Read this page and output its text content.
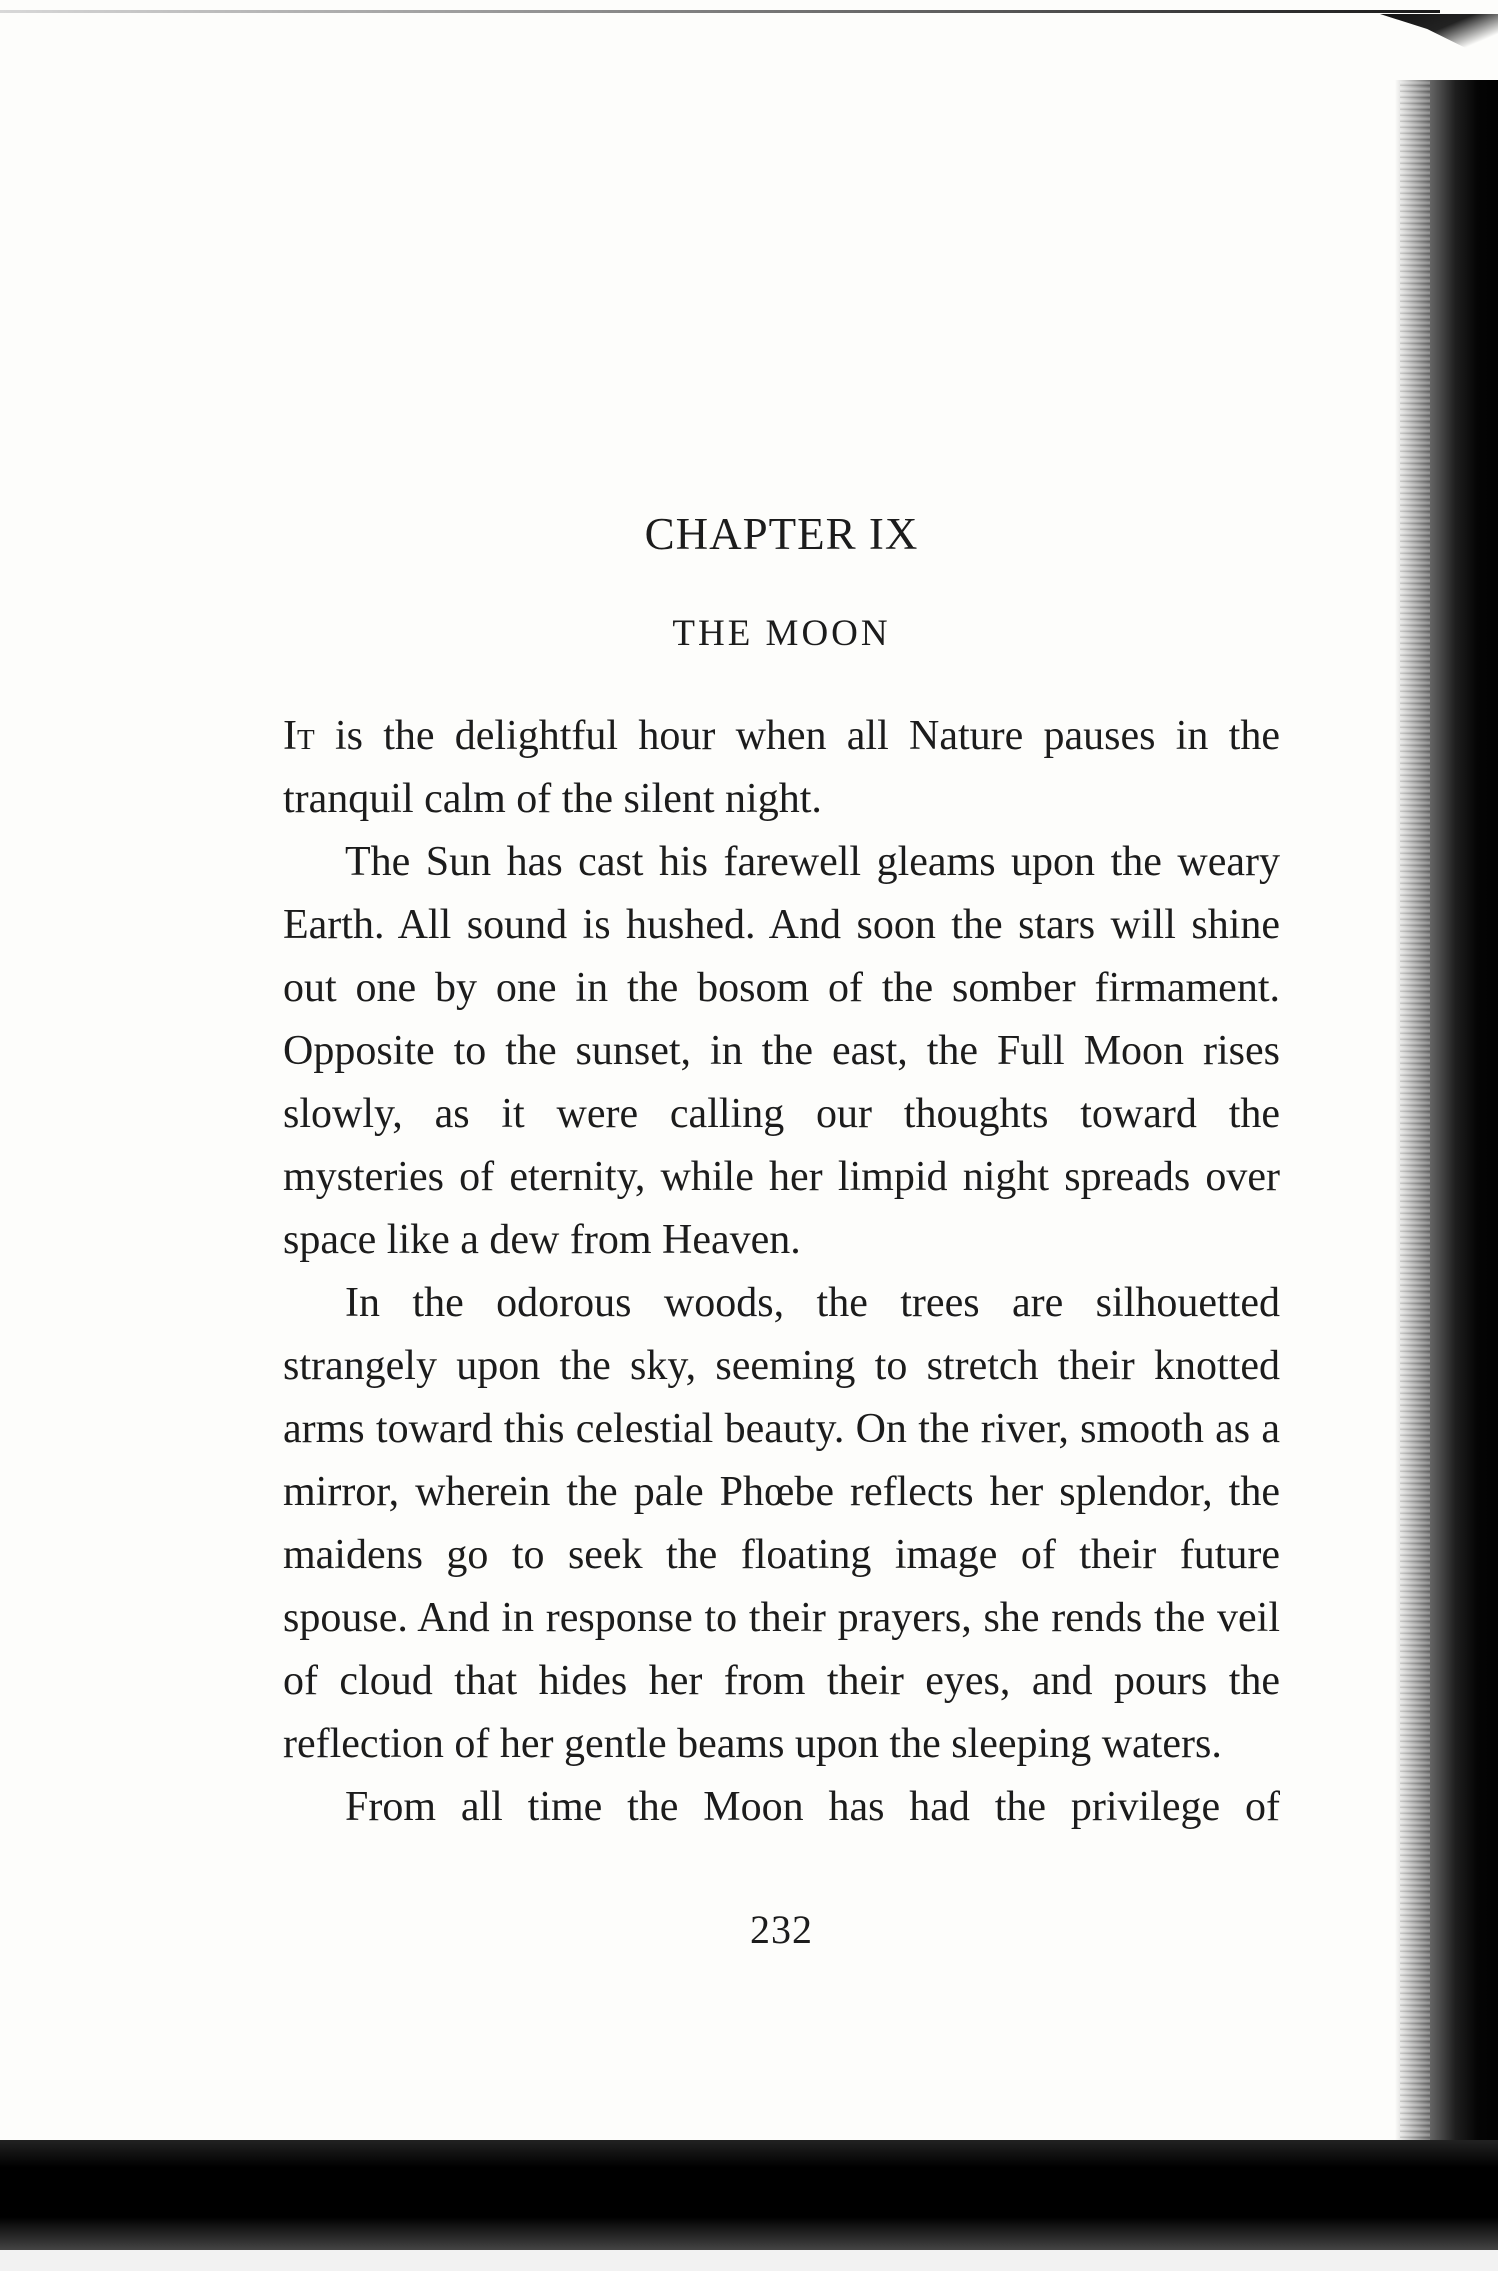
CHAPTER IX
THE MOON

It is the delightful hour when all Nature pauses in the tranquil calm of the silent night.

The Sun has cast his farewell gleams upon the weary Earth. All sound is hushed. And soon the stars will shine out one by one in the bosom of the somber firmament. Opposite to the sunset, in the east, the Full Moon rises slowly, as it were calling our thoughts toward the mysteries of eternity, while her limpid night spreads over space like a dew from Heaven.

In the odorous woods, the trees are silhouetted strangely upon the sky, seeming to stretch their knotted arms toward this celestial beauty. On the river, smooth as a mirror, wherein the pale Phœbe reflects her splendor, the maidens go to seek the floating image of their future spouse. And in response to their prayers, she rends the veil of cloud that hides her from their eyes, and pours the reflection of her gentle beams upon the sleeping waters.

From all time the Moon has had the privilege of

232
